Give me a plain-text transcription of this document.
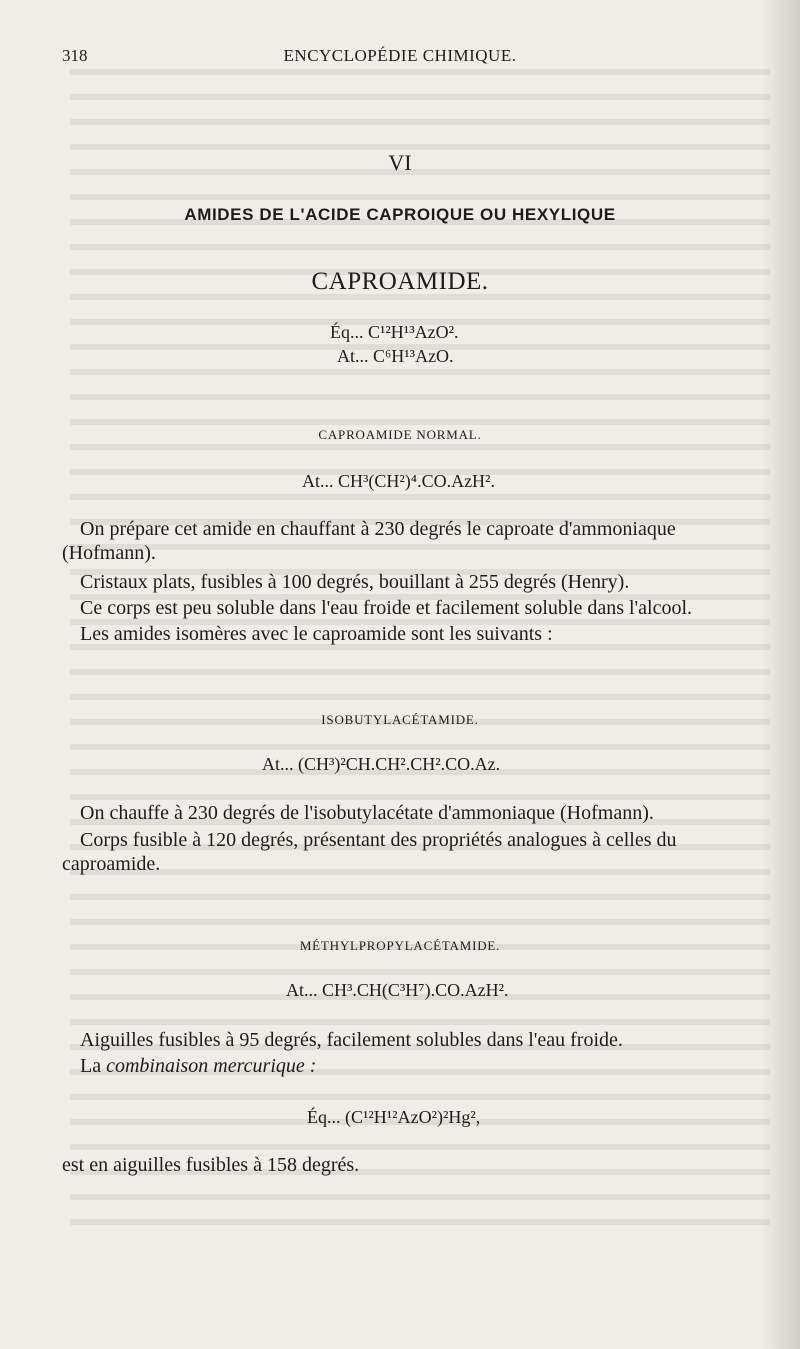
318	ENCYCLOPÉDIE CHIMIQUE.
VI
AMIDES DE L'ACIDE CAPROIQUE OU HEXYLIQUE
CAPROAMIDE.
Éq... C¹²H¹³AzO².
At... C⁶H¹³AzO.
CAPROAMIDE NORMAL.
At... CH³(CH²)⁴.CO.AzH².
On prépare cet amide en chauffant à 230 degrés le caproate d'ammoniaque (Hofmann).
Cristaux plats, fusibles à 100 degrés, bouillant à 255 degrés (Henry).
Ce corps est peu soluble dans l'eau froide et facilement soluble dans l'alcool.
Les amides isomères avec le caproamide sont les suivants :
ISOBUTYLACÉTAMIDE.
At... (CH³)²CH.CH².CH².CO.Az.
On chauffe à 230 degrés de l'isobutylacétate d'ammoniaque (Hofmann).
Corps fusible à 120 degrés, présentant des propriétés analogues à celles du caproamide.
MÉTHYLPROPYLACÉTAMIDE.
At... CH³.CH(C³H⁷).CO.AzH².
Aiguilles fusibles à 95 degrés, facilement solubles dans l'eau froide.
La combinaison mercurique :
Éq... (C¹²H¹²AzO²)²Hg²,
est en aiguilles fusibles à 158 degrés.
